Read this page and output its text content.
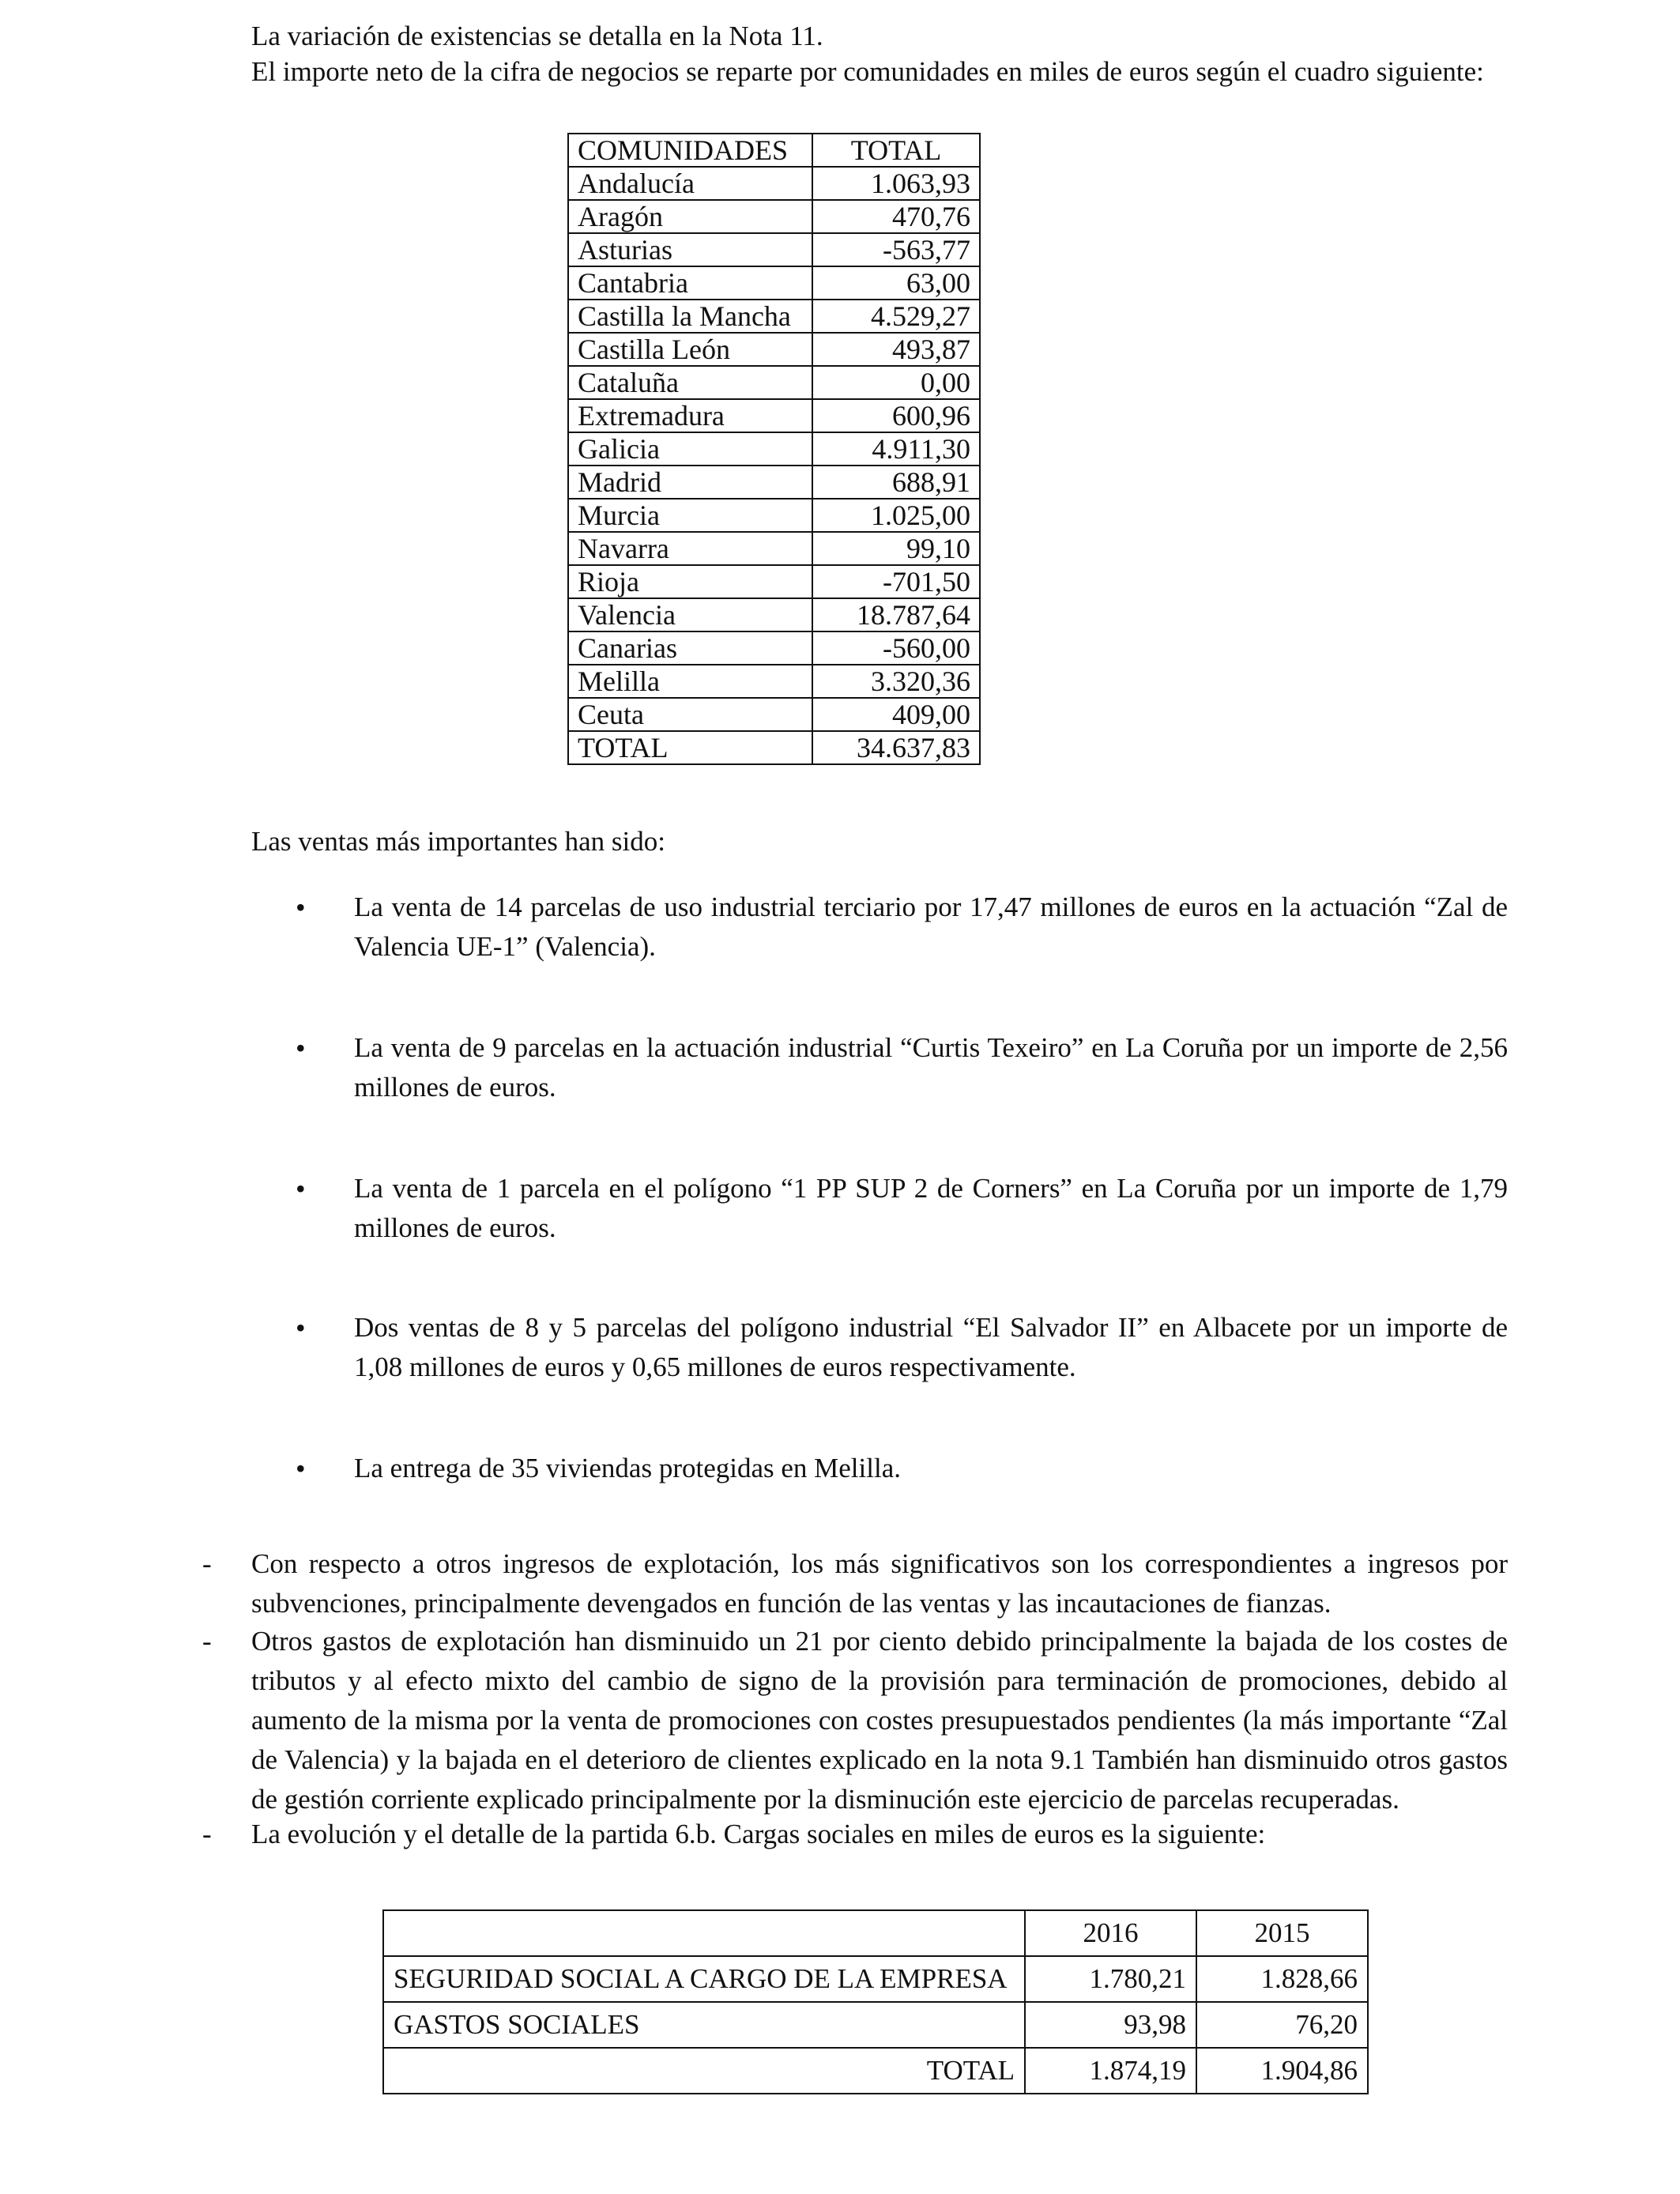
La variación de existencias se detalla en la Nota 11.

El importe neto de la cifra de negocios se reparte por comunidades en miles de euros según el cuadro siguiente:

COMUNIDADES	TOTAL
Andalucía	1.063,93
Aragón	470,76
Asturias	-563,77
Cantabria	63,00
Castilla la Mancha	4.529,27
Castilla León	493,87
Cataluña	0,00
Extremadura	600,96
Galicia	4.911,30
Madrid	688,91
Murcia	1.025,00
Navarra	99,10
Rioja	-701,50
Valencia	18.787,64
Canarias	-560,00
Melilla	3.320,36
Ceuta	409,00
TOTAL	34.637,83

Las ventas más importantes han sido:

• La venta de 14 parcelas de uso industrial terciario por 17,47 millones de euros en la actuación “Zal de Valencia UE-1” (Valencia).

• La venta de 9 parcelas en la actuación industrial “Curtis Texeiro” en La Coruña por un importe de 2,56 millones de euros.

• La venta de 1 parcela en el polígono “1 PP SUP 2 de Corners” en La Coruña por un importe de 1,79 millones de euros.

• Dos ventas de 8 y 5 parcelas del polígono industrial “El Salvador II” en Albacete por un importe de 1,08 millones de euros y 0,65 millones de euros respectivamente.

• La entrega de 35 viviendas protegidas en Melilla.

- Con respecto a otros ingresos de explotación, los más significativos son los correspondientes a ingresos por subvenciones, principalmente devengados en función de las ventas y las incautaciones de fianzas.

- Otros gastos de explotación han disminuido un 21 por ciento debido principalmente la bajada de los costes de tributos y al efecto mixto del cambio de signo de la provisión para terminación de promociones, debido al aumento de la misma por la venta de promociones con costes presupuestados pendientes (la más importante “Zal de Valencia) y la bajada en el deterioro de clientes explicado en la nota 9.1 También han disminuido otros gastos de gestión corriente explicado principalmente por la disminución este ejercicio de parcelas recuperadas.

- La evolución y el detalle de la partida 6.b. Cargas sociales en miles de euros es la siguiente:

	2016	2015
SEGURIDAD SOCIAL A CARGO DE LA EMPRESA	1.780,21	1.828,66
GASTOS SOCIALES	93,98	76,20
TOTAL	1.874,19	1.904,86
